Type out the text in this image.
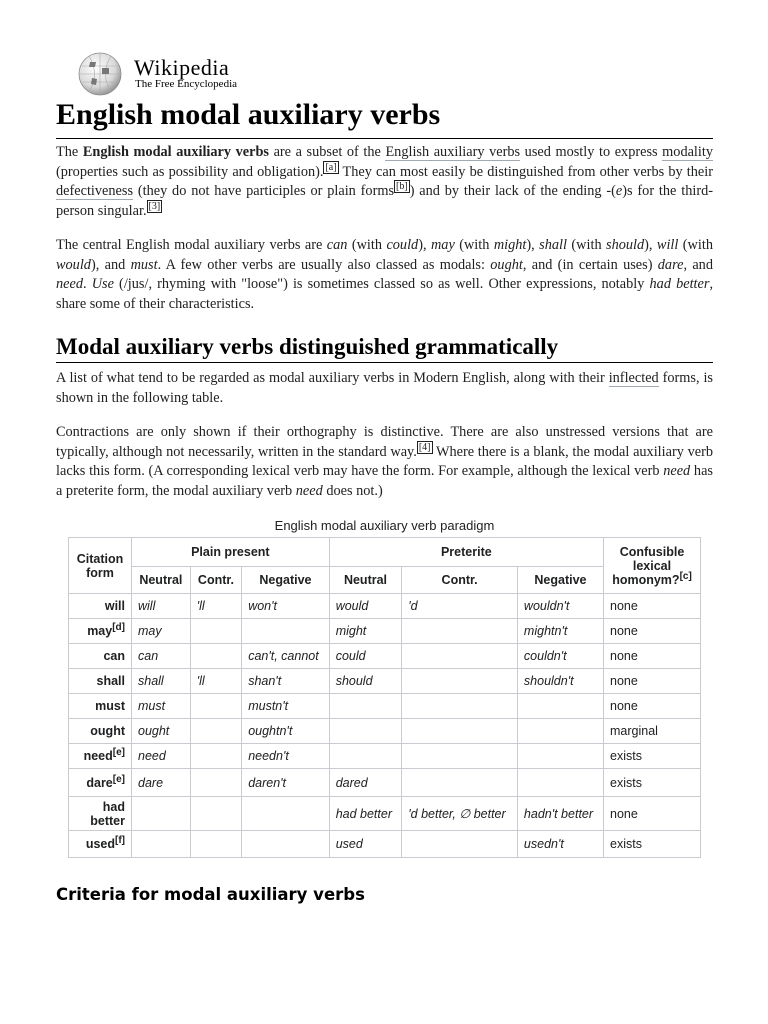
Wikipedia
The Free Encyclopedia
English modal auxiliary verbs

The English modal auxiliary verbs are a subset of the English auxiliary verbs used mostly to express modality (properties such as possibility and obligation). [a] They can most easily be distinguished from other verbs by their defectiveness (they do not have participles or plain forms [b] ) and by their lack of the ending -(e)s for the third-person singular. [3]

The central English modal auxiliary verbs are can (with could), may (with might), shall (with should), will (with would), and must. A few other verbs are usually also classed as modals: ought, and (in certain uses) dare, and need. Use (/jus/, rhyming with "loose") is sometimes classed so as well. Other expressions, notably had better, share some of their characteristics.

Modal auxiliary verbs distinguished grammatically

A list of what tend to be regarded as modal auxiliary verbs in Modern English, along with their inflected forms, is shown in the following table.

Contractions are only shown if their orthography is distinctive. There are also unstressed versions that are typically, although not necessarily, written in the standard way. [4] Where there is a blank, the modal auxiliary verb lacks this form. (A corresponding lexical verb may have the form. For example, although the lexical verb need has a preterite form, the modal auxiliary verb need does not.)

English modal auxiliary verb paradigm
Citation form	Plain present			Preterite			Confusible lexical homonym?[c]
	Neutral	Contr.	Negative	Neutral	Contr.	Negative	
will	will	'll	won't	would	'd	wouldn't	none
may[d]	may			might		mightn't	none
can	can		can't, cannot	could		couldn't	none
shall	shall	'll	shan't	should		shouldn't	none
must	must		mustn't				none
ought	ought		oughtn't				marginal
need[e]	need		needn't				exists
dare[e]	dare		daren't	dared			exists
had better				had better	'd better, ∅ better	hadn't better	none
used[f]				used		usedn't	exists
Criteria for modal auxiliary verbs
